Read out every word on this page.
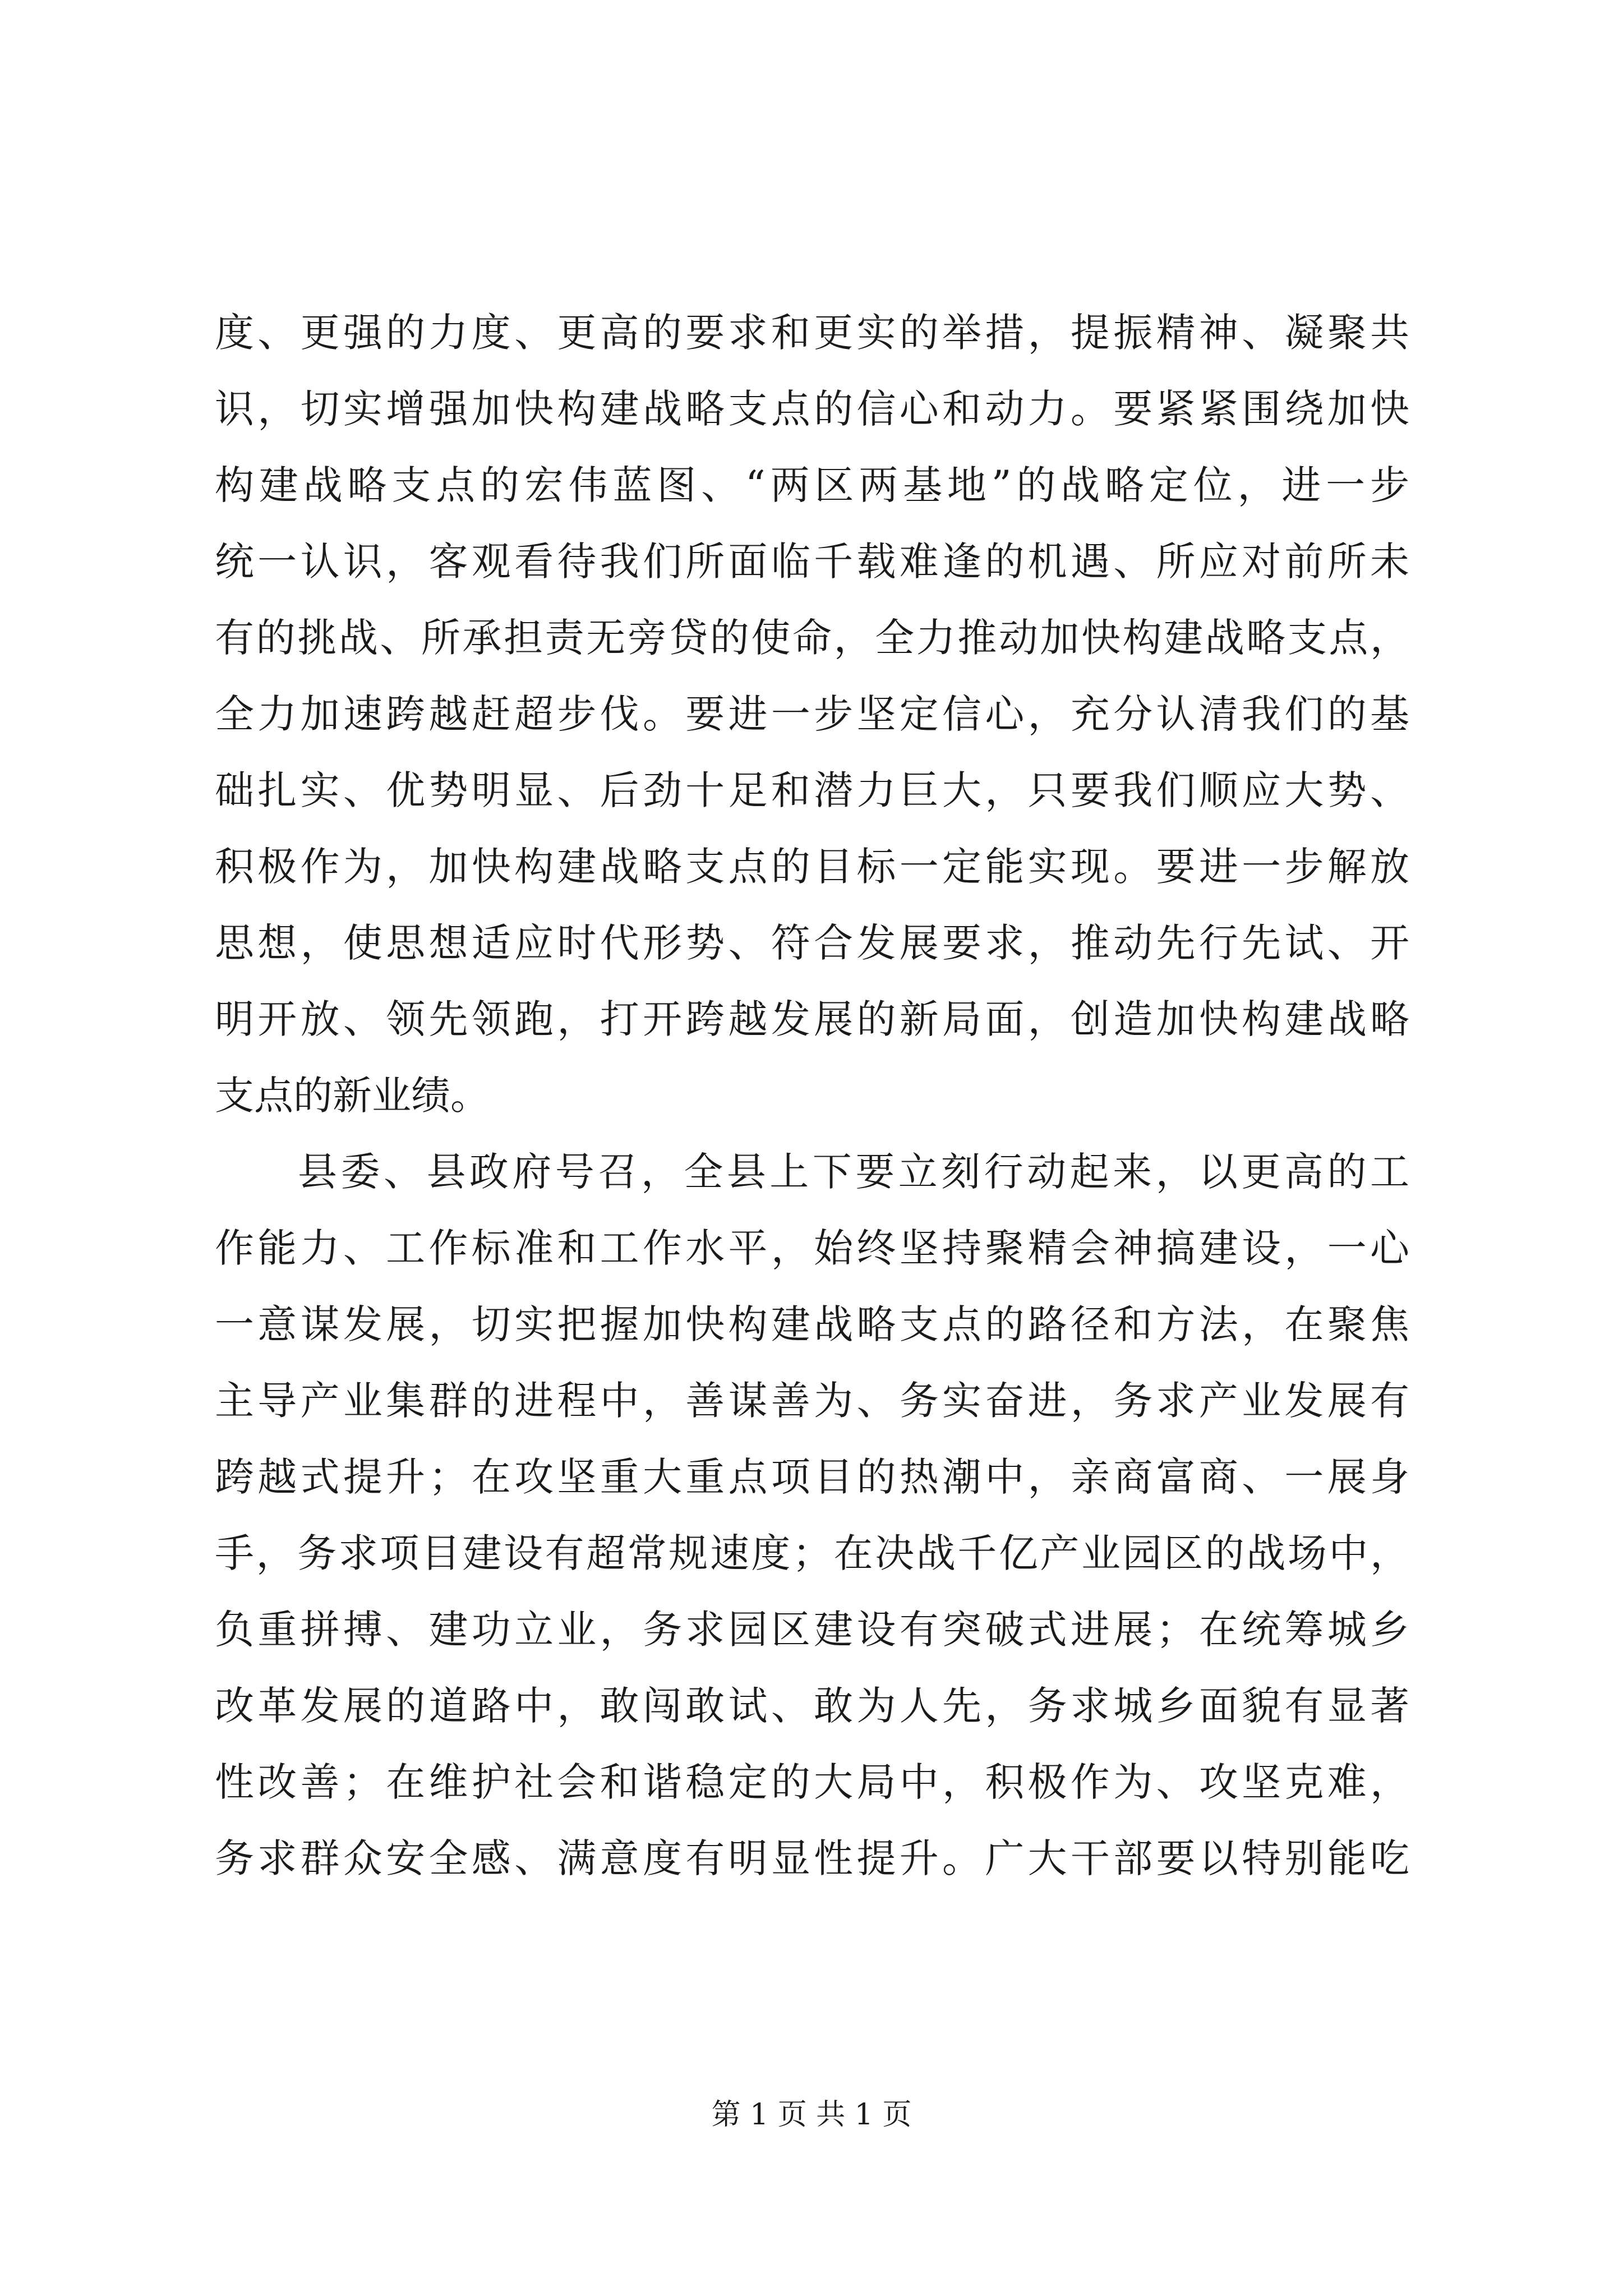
度、更强的力度、更高的要求和更实的举措，提振精神、凝聚共
识，切实增强加快构建战略支点的信心和动力。要紧紧围绕加快
构建战略支点的宏伟蓝图、“两区两基地”的战略定位，进一步
统一认识，客观看待我们所面临千载难逢的机遇、所应对前所未
有的挑战、所承担责无旁贷的使命，全力推动加快构建战略支点，
全力加速跨越赶超步伐。要进一步坚定信心，充分认清我们的基
础扎实、优势明显、后劲十足和潜力巨大，只要我们顺应大势、
积极作为，加快构建战略支点的目标一定能实现。要进一步解放
思想，使思想适应时代形势、符合发展要求，推动先行先试、开
明开放、领先领跑，打开跨越发展的新局面，创造加快构建战略
支点的新业绩。
县委、县政府号召，全县上下要立刻行动起来，以更高的工
作能力、工作标准和工作水平，始终坚持聚精会神搞建设，一心
一意谋发展，切实把握加快构建战略支点的路径和方法，在聚焦
主导产业集群的进程中，善谋善为、务实奋进，务求产业发展有
跨越式提升；在攻坚重大重点项目的热潮中，亲商富商、一展身
手，务求项目建设有超常规速度；在决战千亿产业园区的战场中，
负重拼搏、建功立业，务求园区建设有突破式进展；在统筹城乡
改革发展的道路中，敢闯敢试、敢为人先，务求城乡面貌有显著
性改善；在维护社会和谐稳定的大局中，积极作为、攻坚克难，
务求群众安全感、满意度有明显性提升。广大干部要以特别能吃
第 1 页 共 1 页
